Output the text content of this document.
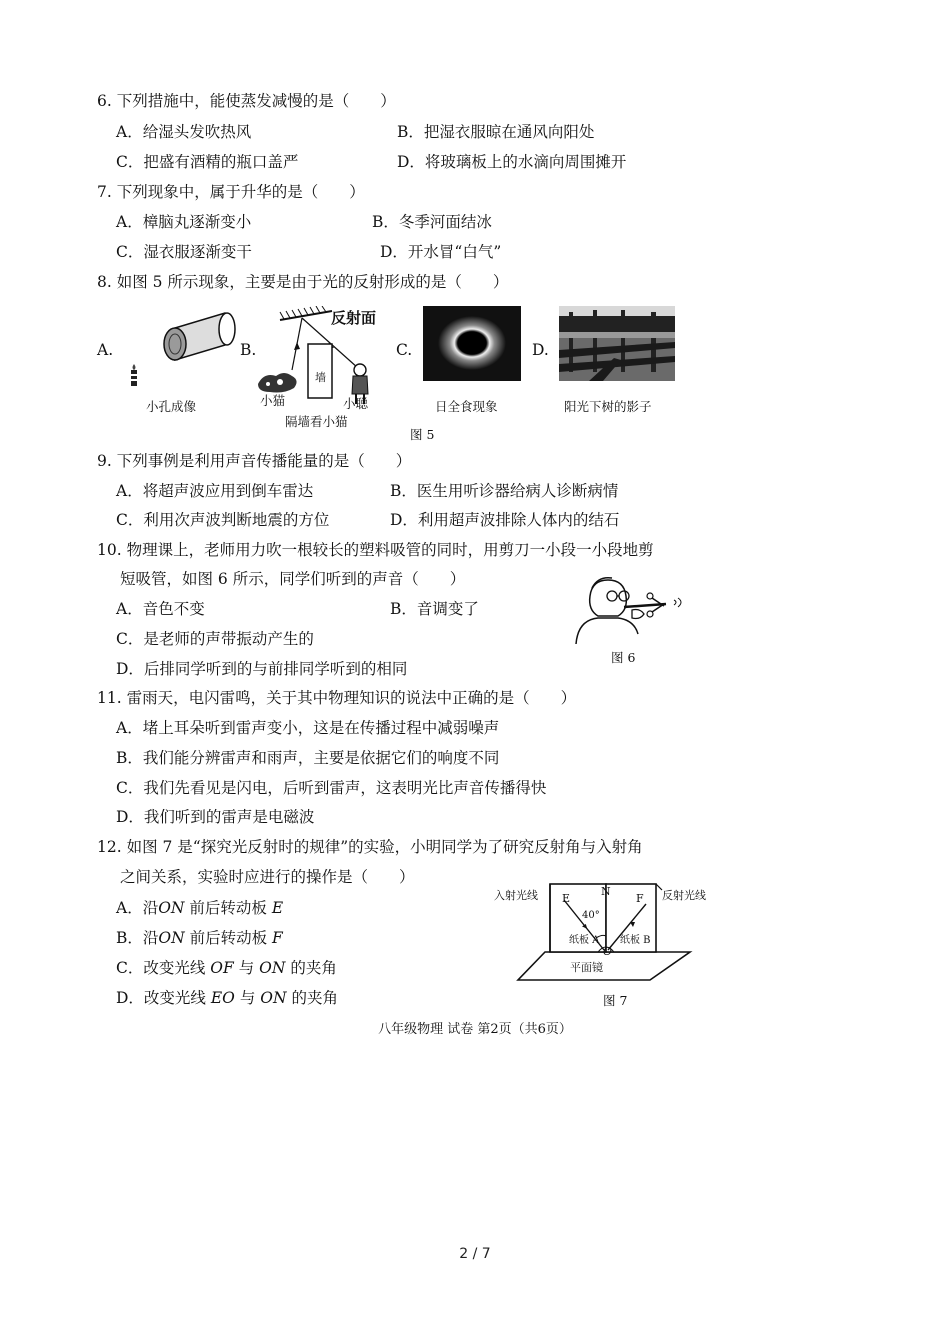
6. 下列措施中，能使蒸发减慢的是（　　）
A．给湿头发吹热风	B．把湿衣服晾在通风向阳处
C．把盛有酒精的瓶口盖严	D．将玻璃板上的水滴向周围摊开
7. 下列现象中，属于升华的是（　　）
A．樟脑丸逐渐变小	B．冬季河面结冰
C．湿衣服逐渐变干	D．开水冒“白气”
8. 如图 5 所示现象，主要是由于光的反射形成的是（　　）
A.
小孔成像
B.
反射面
墙
小猫	小聪
隔墙看小猫
C.
日全食现象
D.
阳光下树的影子
图 5
9. 下列事例是利用声音传播能量的是（　　）
A．将超声波应用到倒车雷达	B．医生用听诊器给病人诊断病情
C．利用次声波判断地震的方位	D．利用超声波排除人体内的结石
10. 物理课上，老师用力吹一根较长的塑料吸管的同时，用剪刀一小段一小段地剪
短吸管，如图 6 所示，同学们听到的声音（　　）
A．音色不变	B．音调变了
C．是老师的声带振动产生的
D．后排同学听到的与前排同学听到的相同
图 6
11. 雷雨天，电闪雷鸣，关于其中物理知识的说法中正确的是（　　）
A．堵上耳朵听到雷声变小，这是在传播过程中减弱噪声
B．我们能分辨雷声和雨声，主要是依据它们的响度不同
C．我们先看见是闪电，后听到雷声，这表明光比声音传播得快
D．我们听到的雷声是电磁波
12. 如图 7 是“探究光反射时的规律”的实验，小明同学为了研究反射角与入射角
之间关系，实验时应进行的操作是（　　）
A．沿ON 前后转动板 E
B．沿ON 前后转动板 F
C．改变光线 OF 与 ON 的夹角
D．改变光线 EO 与 ON 的夹角
入射光线	反射光线
E
N
F
40°
纸板 A 纸板 B
O
平面镜
图 7
八年级物理 试卷 第2页（共6页）
2 / 7
